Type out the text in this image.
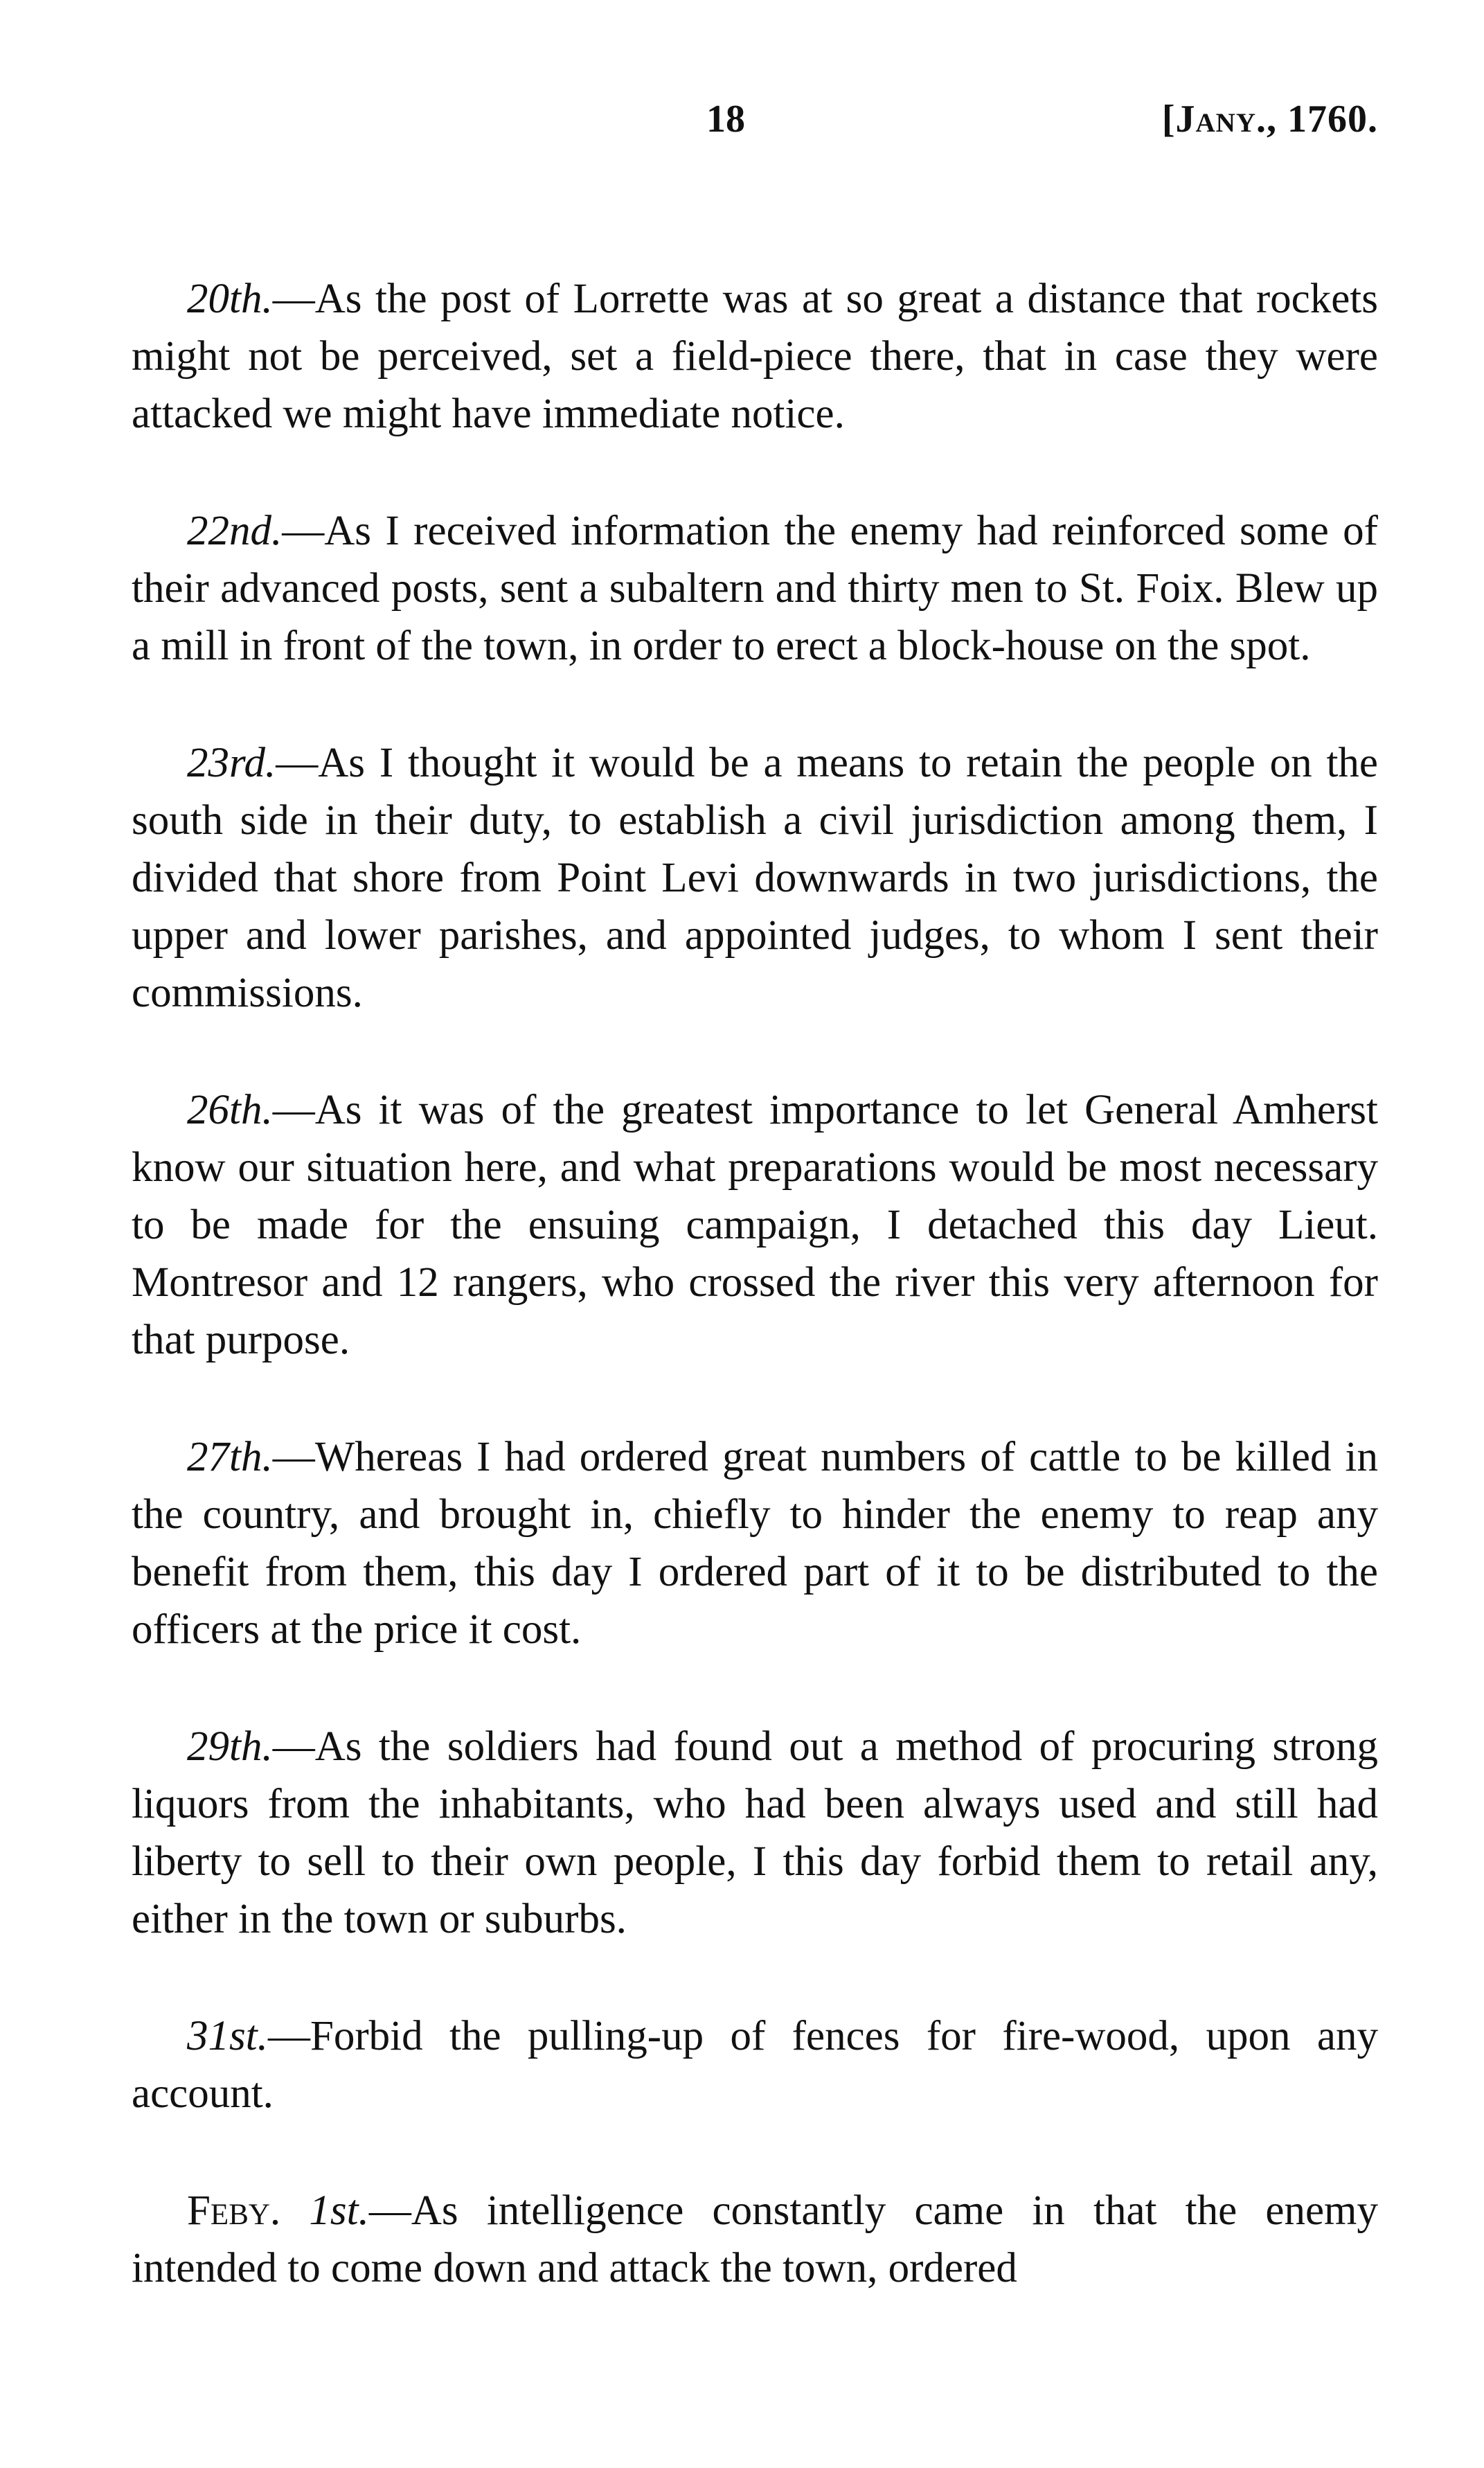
18	[Jany., 1760.

20th.—As the post of Lorrette was at so great a distance that rockets might not be perceived, set a field-piece there, that in case they were attacked we might have immediate notice.

22nd.—As I received information the enemy had reinforced some of their advanced posts, sent a subaltern and thirty men to St. Foix. Blew up a mill in front of the town, in order to erect a block-house on the spot.

23rd.—As I thought it would be a means to retain the people on the south side in their duty, to establish a civil jurisdiction among them, I divided that shore from Point Levi downwards in two jurisdictions, the upper and lower parishes, and appointed judges, to whom I sent their commissions.

26th.—As it was of the greatest importance to let General Amherst know our situation here, and what preparations would be most necessary to be made for the ensuing campaign, I detached this day Lieut. Montresor and 12 rangers, who crossed the river this very afternoon for that purpose.

27th.—Whereas I had ordered great numbers of cattle to be killed in the country, and brought in, chiefly to hinder the enemy to reap any benefit from them, this day I ordered part of it to be distributed to the officers at the price it cost.

29th.—As the soldiers had found out a method of procuring strong liquors from the inhabitants, who had been always used and still had liberty to sell to their own people, I this day forbid them to retail any, either in the town or suburbs.

31st.—Forbid the pulling-up of fences for fire-wood, upon any account.

Feby. 1st.—As intelligence constantly came in that the enemy intended to come down and attack the town, ordered
